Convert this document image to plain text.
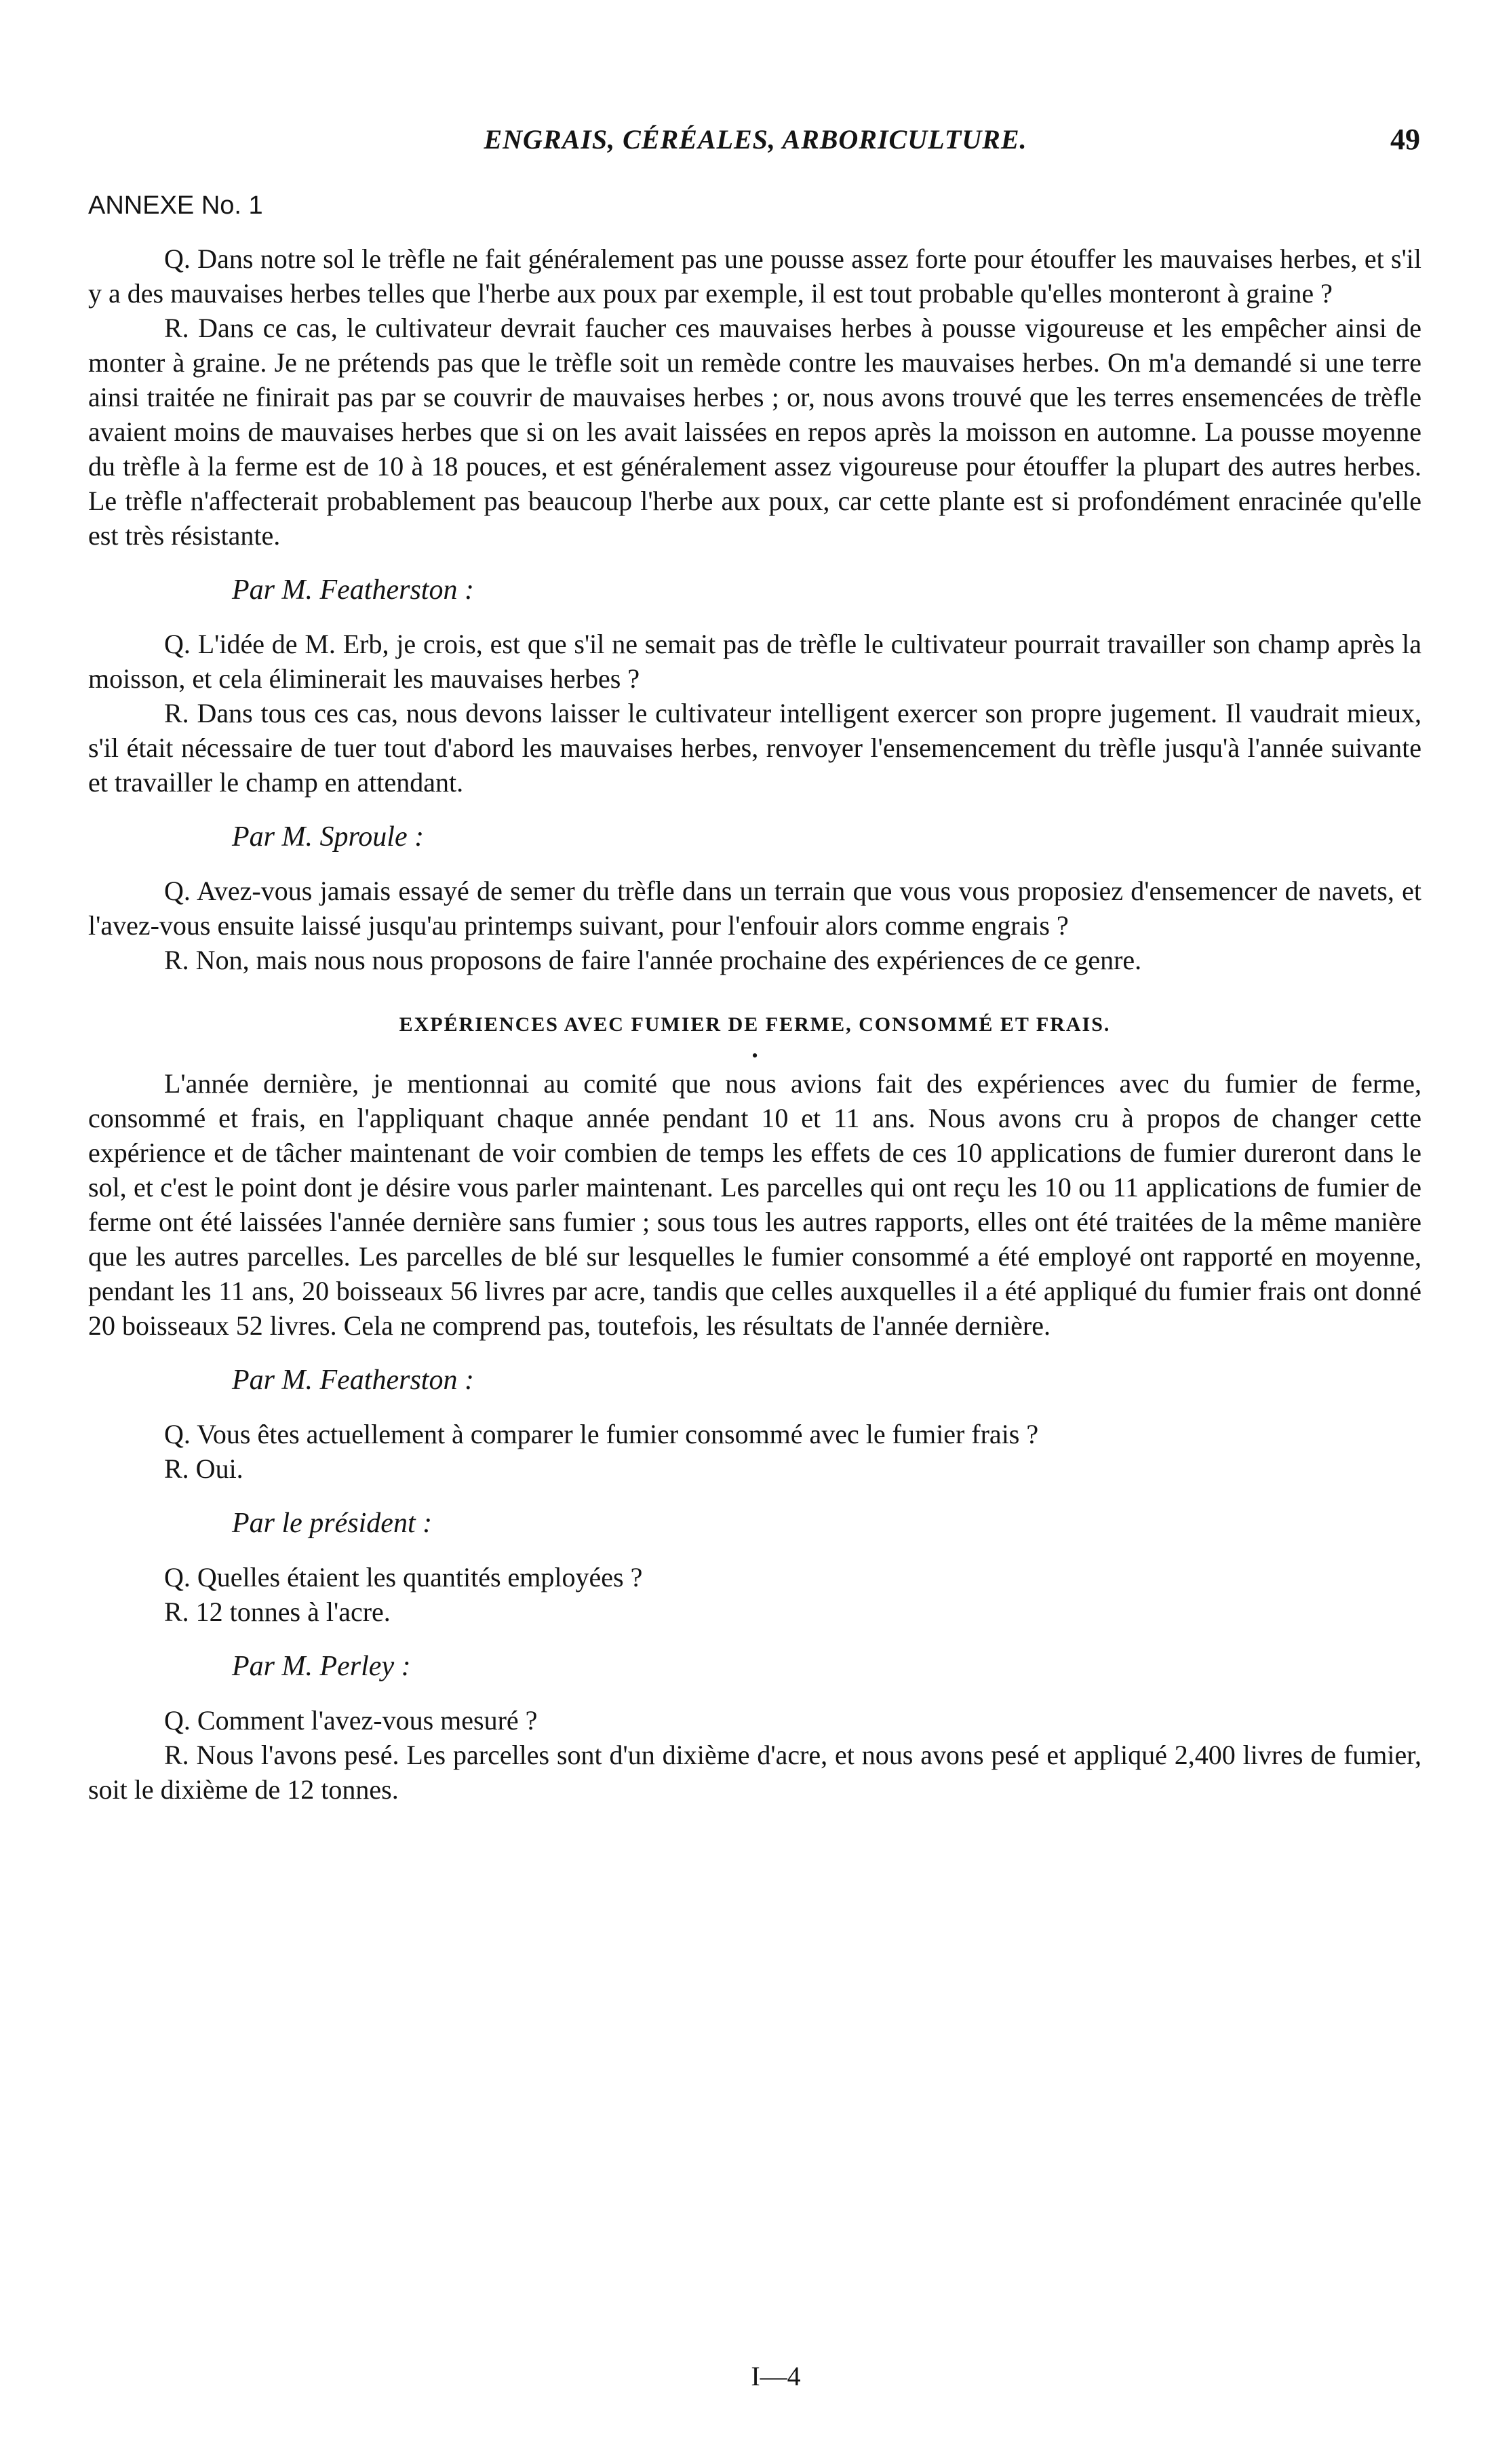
ENGRAIS, CÉRÉALES, ARBORICULTURE.	49
ANNEXE No. 1

Q. Dans notre sol le trèfle ne fait généralement pas une pousse assez forte pour étouffer les mauvaises herbes, et s'il y a des mauvaises herbes telles que l'herbe aux poux par exemple, il est tout probable qu'elles monteront à graine ?

R. Dans ce cas, le cultivateur devrait faucher ces mauvaises herbes à pousse vigoureuse et les empêcher ainsi de monter à graine. Je ne prétends pas que le trèfle soit un remède contre les mauvaises herbes. On m'a demandé si une terre ainsi traitée ne finirait pas par se couvrir de mauvaises herbes ; or, nous avons trouvé que les terres ensemencées de trèfle avaient moins de mauvaises herbes que si on les avait laissées en repos après la moisson en automne. La pousse moyenne du trèfle à la ferme est de 10 à 18 pouces, et est généralement assez vigoureuse pour étouffer la plupart des autres herbes. Le trèfle n'affecterait probablement pas beaucoup l'herbe aux poux, car cette plante est si profondément enracinée qu'elle est très résistante.

Par M. Featherston :

Q. L'idée de M. Erb, je crois, est que s'il ne semait pas de trèfle le cultivateur pourrait travailler son champ après la moisson, et cela éliminerait les mauvaises herbes ?

R. Dans tous ces cas, nous devons laisser le cultivateur intelligent exercer son propre jugement. Il vaudrait mieux, s'il était nécessaire de tuer tout d'abord les mauvaises herbes, renvoyer l'ensemencement du trèfle jusqu'à l'année suivante et travailler le champ en attendant.

Par M. Sproule :

Q. Avez-vous jamais essayé de semer du trèfle dans un terrain que vous vous proposiez d'ensemencer de navets, et l'avez-vous ensuite laissé jusqu'au printemps suivant, pour l'enfouir alors comme engrais ?

R. Non, mais nous nous proposons de faire l'année prochaine des expériences de ce genre.

EXPÉRIENCES AVEC FUMIER DE FERME, CONSOMMÉ ET FRAIS.
•

L'année dernière, je mentionnai au comité que nous avions fait des expériences avec du fumier de ferme, consommé et frais, en l'appliquant chaque année pendant 10 et 11 ans. Nous avons cru à propos de changer cette expérience et de tâcher maintenant de voir combien de temps les effets de ces 10 applications de fumier dureront dans le sol, et c'est le point dont je désire vous parler maintenant. Les parcelles qui ont reçu les 10 ou 11 applications de fumier de ferme ont été laissées l'année dernière sans fumier ; sous tous les autres rapports, elles ont été traitées de la même manière que les autres parcelles. Les parcelles de blé sur lesquelles le fumier consommé a été employé ont rapporté en moyenne, pendant les 11 ans, 20 boisseaux 56 livres par acre, tandis que celles auxquelles il a été appliqué du fumier frais ont donné 20 boisseaux 52 livres. Cela ne comprend pas, toutefois, les résultats de l'année dernière.

Par M. Featherston :

Q. Vous êtes actuellement à comparer le fumier consommé avec le fumier frais ?

R. Oui.

Par le président :

Q. Quelles étaient les quantités employées ?

R. 12 tonnes à l'acre.

Par M. Perley :

Q. Comment l'avez-vous mesuré ?

R. Nous l'avons pesé. Les parcelles sont d'un dixième d'acre, et nous avons pesé et appliqué 2,400 livres de fumier, soit le dixième de 12 tonnes.

I—4
